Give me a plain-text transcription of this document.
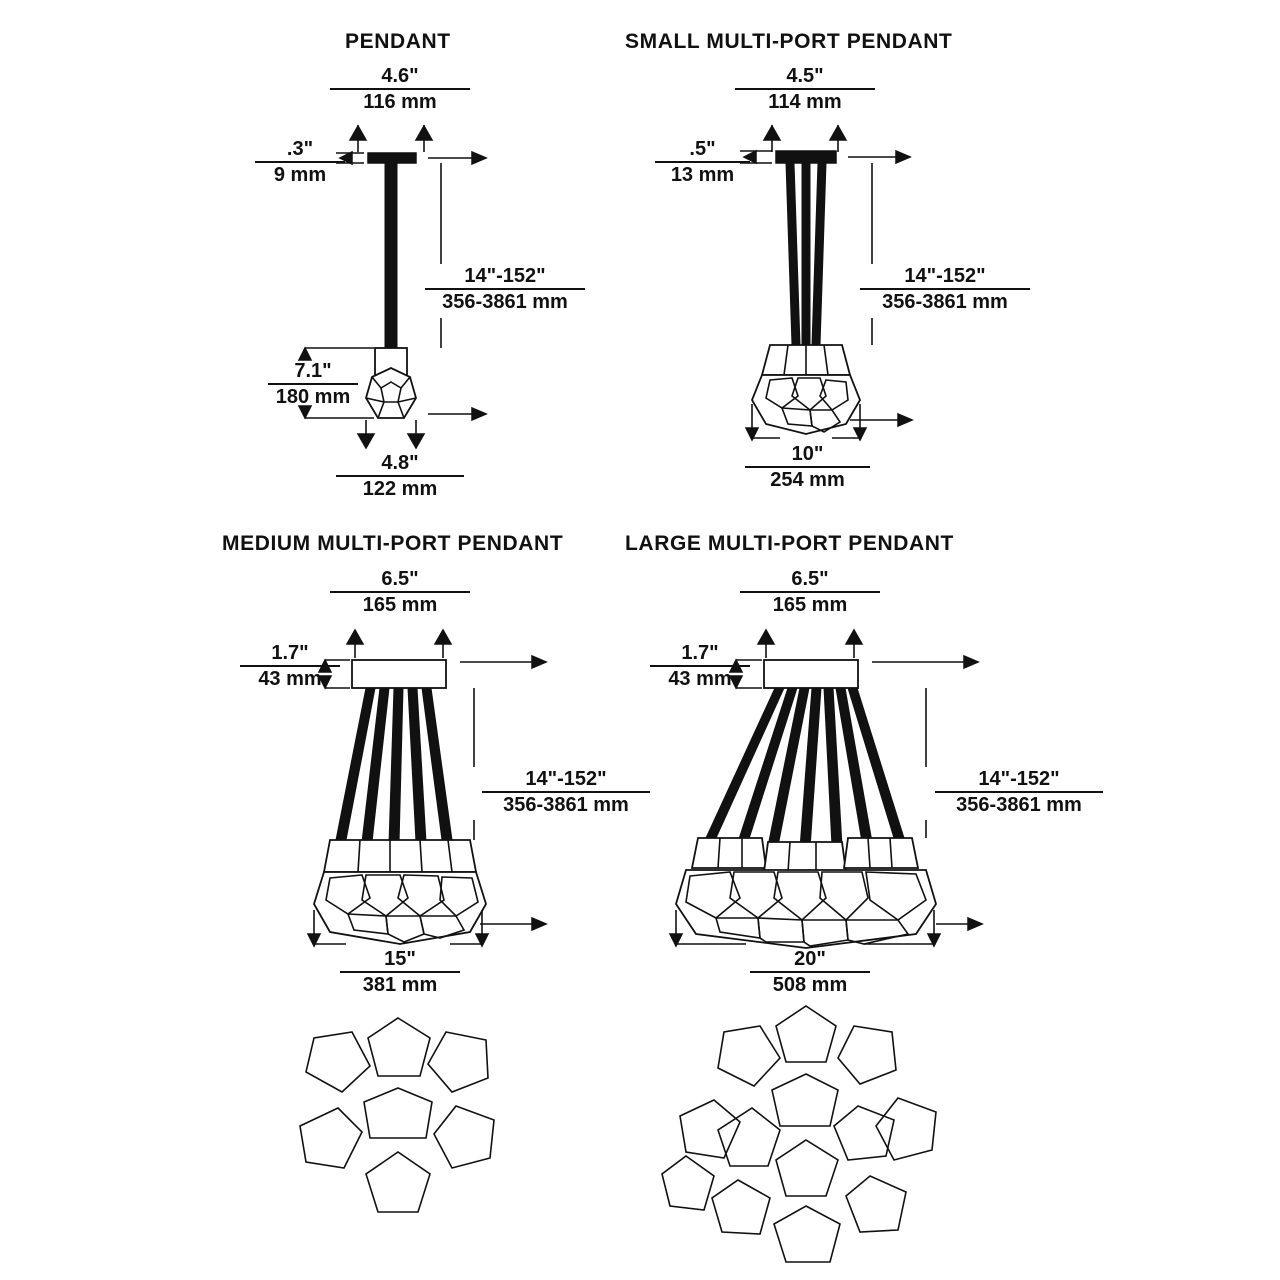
PENDANT
4.6"
116 mm
.3"
9 mm
14"-152"
356-3861 mm
7.1"
180 mm
4.8"
122 mm
SMALL MULTI-PORT PENDANT
4.5"
114 mm
.5"
13 mm
14"-152"
356-3861 mm
10"
254 mm
MEDIUM MULTI-PORT PENDANT
6.5"
165 mm
1.7"
43 mm
14"-152"
356-3861 mm
15"
381 mm
LARGE MULTI-PORT PENDANT
6.5"
165 mm
1.7"
43 mm
14"-152"
356-3861 mm
20"
508 mm
